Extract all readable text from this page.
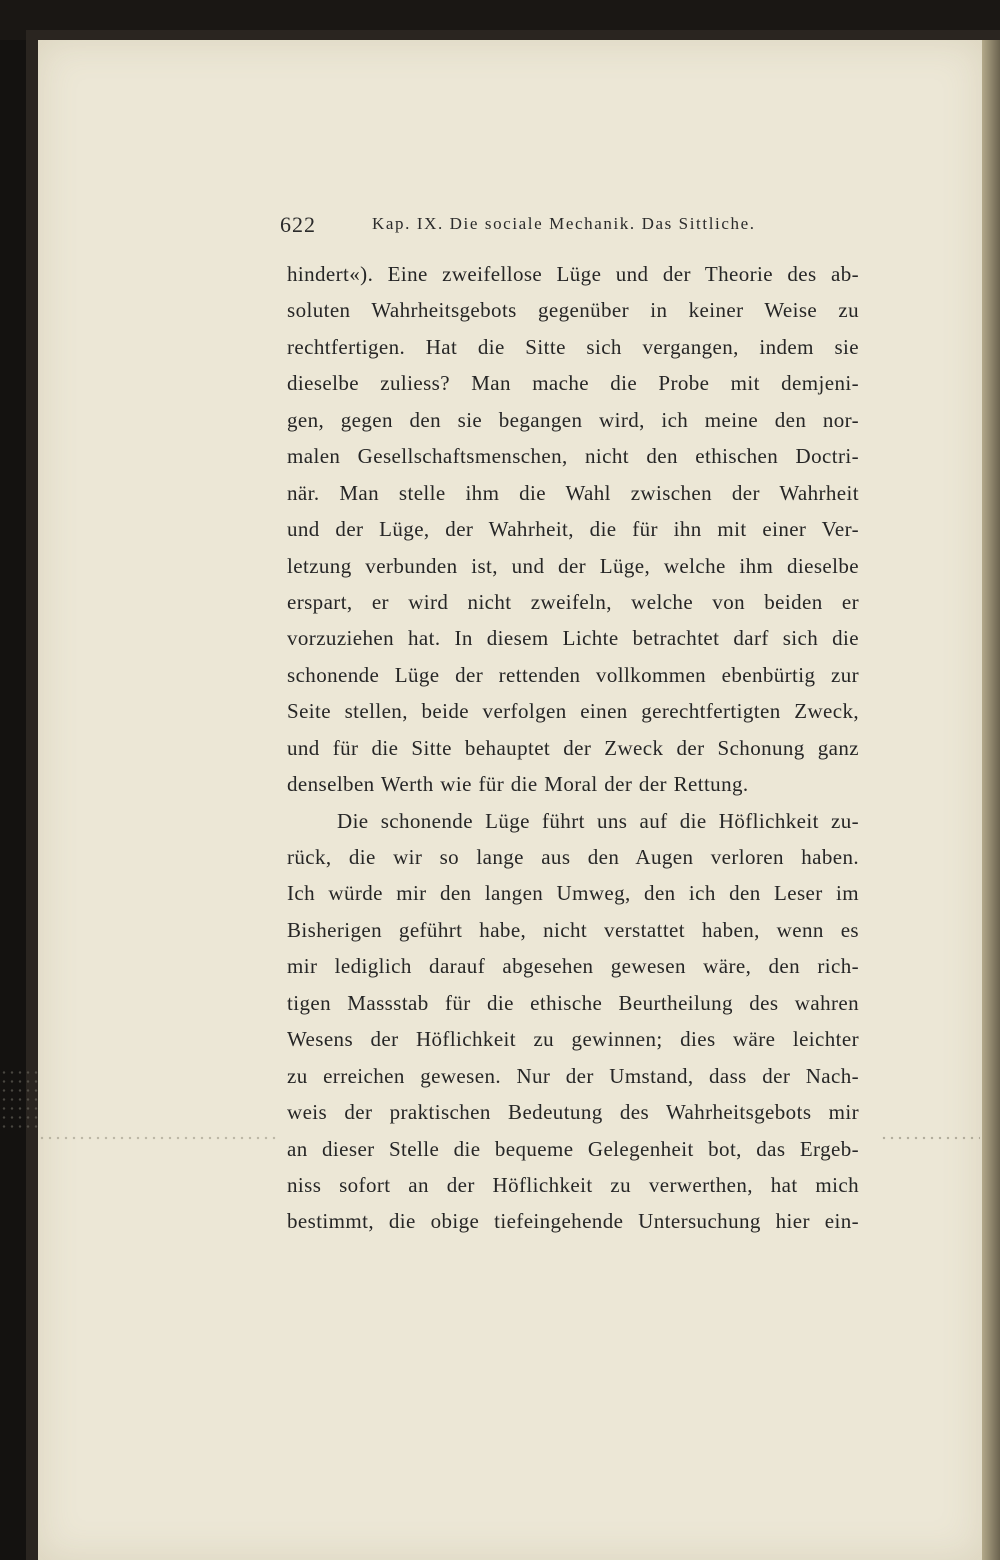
622	Kap. IX. Die sociale Mechanik. Das Sittliche.
hindert«). Eine zweifellose Lüge und der Theorie des ab-
soluten Wahrheitsgebots gegenüber in keiner Weise zu
rechtfertigen. Hat die Sitte sich vergangen, indem sie
dieselbe zuliess? Man mache die Probe mit demjeni-
gen, gegen den sie begangen wird, ich meine den nor-
malen Gesellschaftsmenschen, nicht den ethischen Doctri-
när. Man stelle ihm die Wahl zwischen der Wahrheit
und der Lüge, der Wahrheit, die für ihn mit einer Ver-
letzung verbunden ist, und der Lüge, welche ihm dieselbe
erspart, er wird nicht zweifeln, welche von beiden er
vorzuziehen hat. In diesem Lichte betrachtet darf sich die
schonende Lüge der rettenden vollkommen ebenbürtig zur
Seite stellen, beide verfolgen einen gerechtfertigten Zweck,
und für die Sitte behauptet der Zweck der Schonung ganz
denselben Werth wie für die Moral der der Rettung.
Die schonende Lüge führt uns auf die Höflichkeit zu-
rück, die wir so lange aus den Augen verloren haben.
Ich würde mir den langen Umweg, den ich den Leser im
Bisherigen geführt habe, nicht verstattet haben, wenn es
mir lediglich darauf abgesehen gewesen wäre, den rich-
tigen Massstab für die ethische Beurtheilung des wahren
Wesens der Höflichkeit zu gewinnen; dies wäre leichter
zu erreichen gewesen. Nur der Umstand, dass der Nach-
weis der praktischen Bedeutung des Wahrheitsgebots mir
an dieser Stelle die bequeme Gelegenheit bot, das Ergeb-
niss sofort an der Höflichkeit zu verwerthen, hat mich
bestimmt, die obige tiefeingehende Untersuchung hier ein-
